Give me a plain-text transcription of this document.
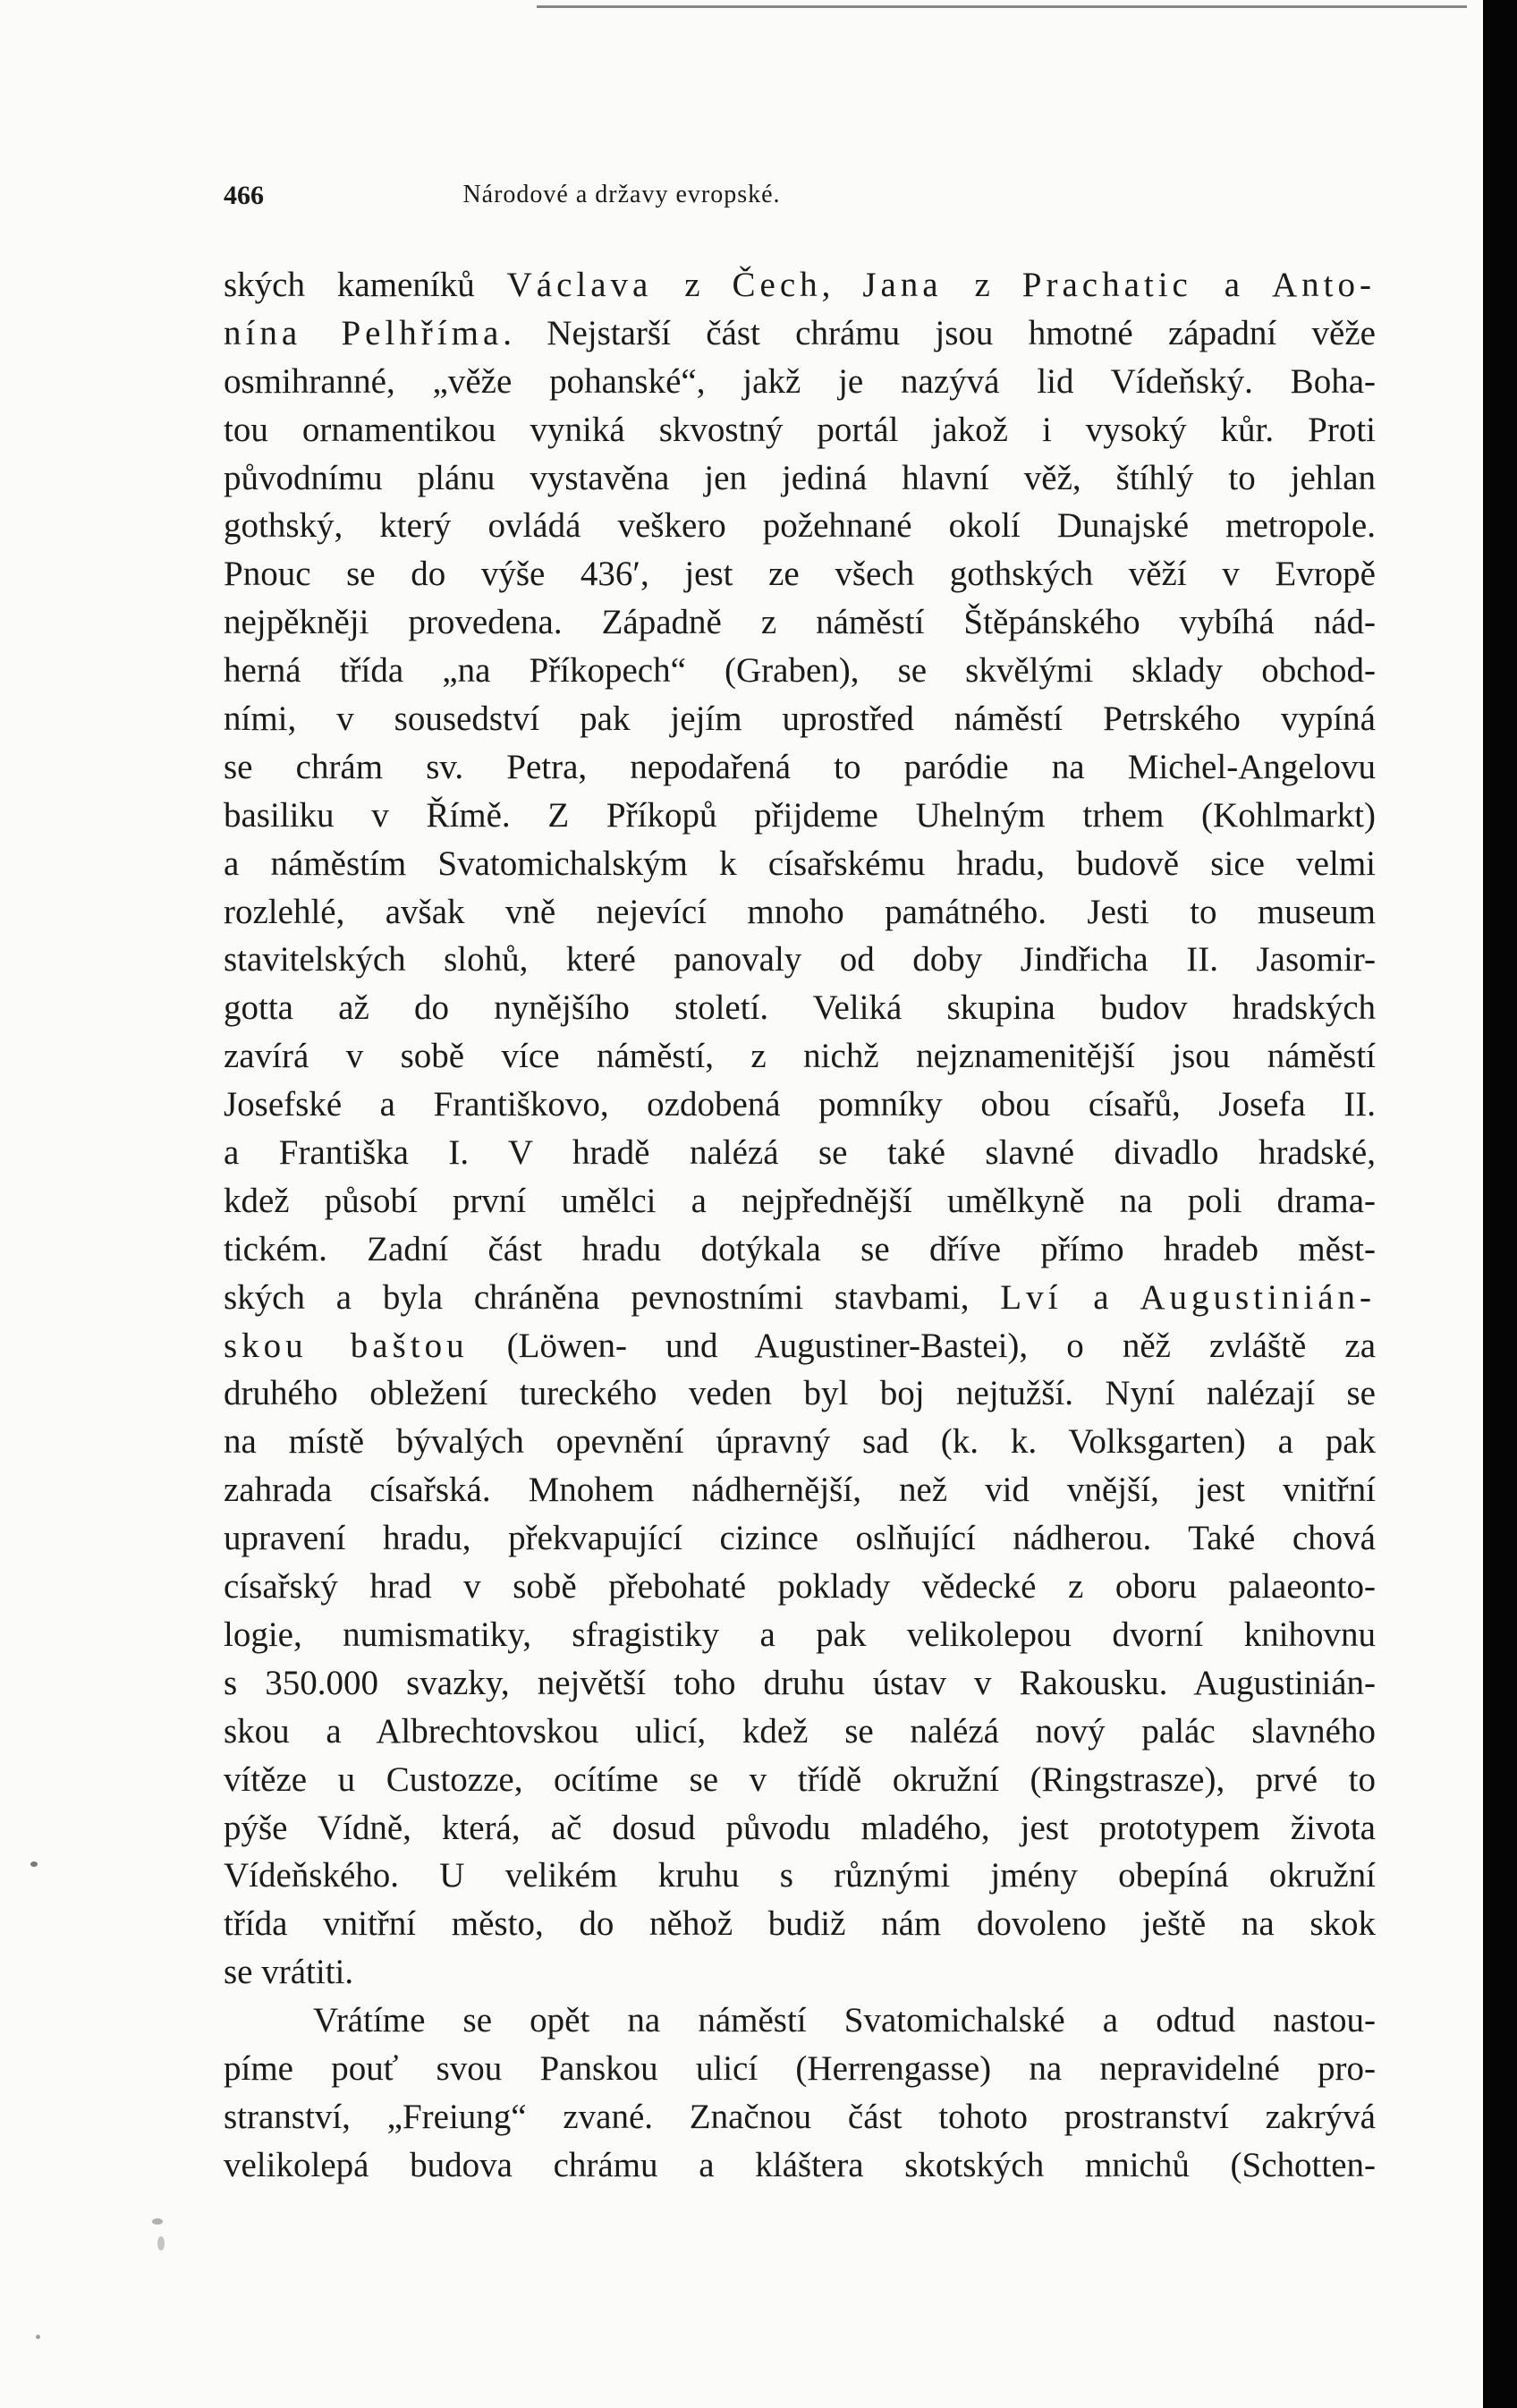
466	Národové a državy evropské.
ských kameníků Václava z Čech, Jana z Prachatic a Anto-
nína Pelhříma. Nejstarší část chrámu jsou hmotné západní věže
osmihranné, „věže pohanské“, jakž je nazývá lid Vídeňský. Boha-
tou ornamentikou vyniká skvostný portál jakož i vysoký kůr. Proti
původnímu plánu vystavěna jen jediná hlavní věž, štíhlý to jehlan
gothský, který ovládá veškero požehnané okolí Dunajské metropole.
Pnouc se do výše 436′, jest ze všech gothských věží v Evropě
nejpěkněji provedena. Západně z náměstí Štěpánského vybíhá nád-
herná třída „na Příkopech“ (Graben), se skvělými sklady obchod-
ními, v sousedství pak jejím uprostřed náměstí Petrského vypíná
se chrám sv. Petra, nepodařená to paródie na Michel-Angelovu
basiliku v Římě. Z Příkopů přijdeme Uhelným trhem (Kohlmarkt)
a náměstím Svatomichalským k císařskému hradu, budově sice velmi
rozlehlé, avšak vně nejevící mnoho památného. Jesti to museum
stavitelských slohů, které panovaly od doby Jindřicha II. Jasomir-
gotta až do nynějšího století. Veliká skupina budov hradských
zavírá v sobě více náměstí, z nichž nejznamenitější jsou náměstí
Josefské a Františkovo, ozdobená pomníky obou císařů, Josefa II.
a Františka I. V hradě nalézá se také slavné divadlo hradské,
kdež působí první umělci a nejpřednější umělkyně na poli drama-
tickém. Zadní část hradu dotýkala se dříve přímo hradeb měst-
ských a byla chráněna pevnostními stavbami, Lví a Augustinián-
skou baštou (Löwen- und Augustiner-Bastei), o něž zvláště za
druhého obležení tureckého veden byl boj nejtužší. Nyní nalézají se
na místě bývalých opevnění úpravný sad (k. k. Volksgarten) a pak
zahrada císařská. Mnohem nádhernější, než vid vnější, jest vnitřní
upravení hradu, překvapující cizince oslňující nádherou. Také chová
císařský hrad v sobě přebohaté poklady vědecké z oboru palaeonto-
logie, numismatiky, sfragistiky a pak velikolepou dvorní knihovnu
s 350.000 svazky, největší toho druhu ústav v Rakousku. Augustinián-
skou a Albrechtovskou ulicí, kdež se nalézá nový palác slavného
vítěze u Custozze, ocítíme se v třídě okružní (Ringstrasze), prvé to
pýše Vídně, která, ač dosud původu mladého, jest prototypem života
Vídeňského. U velikém kruhu s různými jmény obepíná okružní
třída vnitřní město, do něhož budiž nám dovoleno ještě na skok
se vrátiti.
Vrátíme se opět na náměstí Svatomichalské a odtud nastou-
píme pouť svou Panskou ulicí (Herrengasse) na nepravidelné pro-
stranství, „Freiung“ zvané. Značnou část tohoto prostranství zakrývá
velikolepá budova chrámu a kláštera skotských mnichů (Schotten-
